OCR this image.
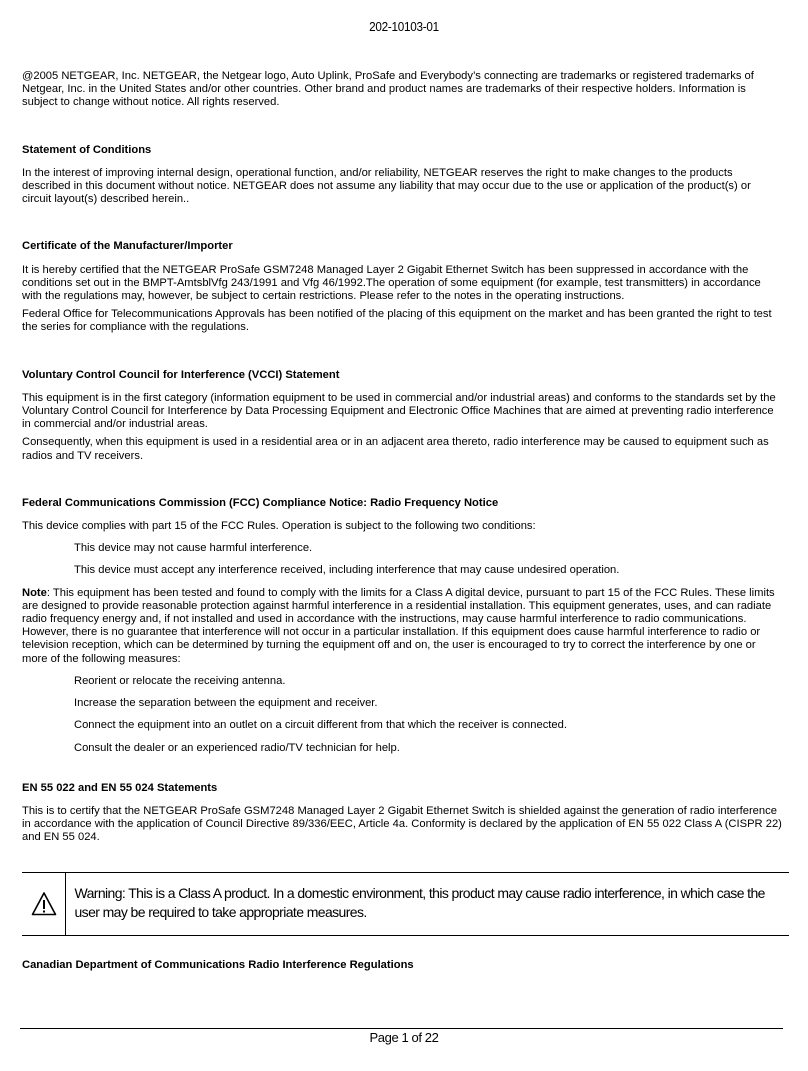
202-10103-01

@2005 NETGEAR, Inc. NETGEAR, the Netgear logo, Auto Uplink, ProSafe and Everybody’s connecting are trademarks or registered trademarks of Netgear, Inc. in the United States and/or other countries. Other brand and product names are trademarks of their respective holders. Information is subject to change without notice. All rights reserved.

Statement of Conditions

In the interest of improving internal design, operational function, and/or reliability, NETGEAR reserves the right to make changes to the products described in this document without notice. NETGEAR does not assume any liability that may occur due to the use or application of the product(s) or circuit layout(s) described herein..

Certificate of the Manufacturer/Importer

It is hereby certified that the NETGEAR ProSafe GSM7248 Managed Layer 2 Gigabit Ethernet Switch has been suppressed in accordance with the conditions set out in the BMPT-AmtsblVfg 243/1991 and Vfg 46/1992.The operation of some equipment (for example, test transmitters) in accordance with the regulations may, however, be subject to certain restrictions. Please refer to the notes in the operating instructions.

Federal Office for Telecommunications Approvals has been notified of the placing of this equipment on the market and has been granted the right to test the series for compliance with the regulations.

Voluntary Control Council for Interference (VCCI) Statement

This equipment is in the first category (information equipment to be used in commercial and/or industrial areas) and conforms to the standards set by the Voluntary Control Council for Interference by Data Processing Equipment and Electronic Office Machines that are aimed at preventing radio interference in commercial and/or industrial areas.

Consequently, when this equipment is used in a residential area or in an adjacent area thereto, radio interference may be caused to equipment such as radios and TV receivers.

Federal Communications Commission (FCC) Compliance Notice: Radio Frequency Notice

This device complies with part 15 of the FCC Rules. Operation is subject to the following two conditions:

This device may not cause harmful interference.

This device must accept any interference received, including interference that may cause undesired operation.

Note: This equipment has been tested and found to comply with the limits for a Class A digital device, pursuant to part 15 of the FCC Rules. These limits are designed to provide reasonable protection against harmful interference in a residential installation. This equipment generates, uses, and can radiate radio frequency energy and, if not installed and used in accordance with the instructions, may cause harmful interference to radio communications. However, there is no guarantee that interference will not occur in a particular installation. If this equipment does cause harmful interference to radio or television reception, which can be determined by turning the equipment off and on, the user is encouraged to try to correct the interference by one or more of the following measures:

Reorient or relocate the receiving antenna.

Increase the separation between the equipment and receiver.

Connect the equipment into an outlet on a circuit different from that which the receiver is connected.

Consult the dealer or an experienced radio/TV technician for help.

EN 55 022 and EN 55 024 Statements

This is to certify that the NETGEAR ProSafe GSM7248 Managed Layer 2 Gigabit Ethernet Switch is shielded against the generation of radio interference in accordance with the application of Council Directive 89/336/EEC, Article 4a. Conformity is declared by the application of EN 55 022 Class A (CISPR 22) and EN 55 024.

Warning: This is a Class A product. In a domestic environment, this product may cause radio interference, in which case the user may be required to take appropriate measures.

Canadian Department of Communications Radio Interference Regulations

Page 1 of 22
